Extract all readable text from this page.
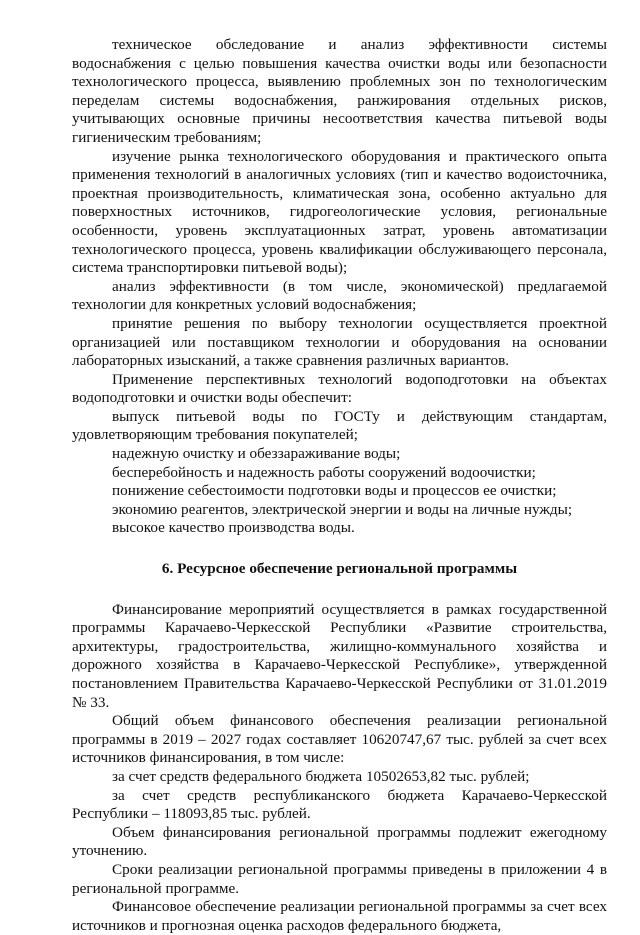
техническое обследование и анализ эффективности системы водоснабжения с целью повышения качества очистки воды или безопасности технологического процесса, выявлению проблемных зон по технологическим переделам системы водоснабжения, ранжирования отдельных рисков, учитывающих основные причины несоответствия качества питьевой воды гигиеническим требованиям;

изучение рынка технологического оборудования и практического опыта применения технологий в аналогичных условиях (тип и качество водоисточника, проектная производительность, климатическая зона, особенно актуально для поверхностных источников, гидрогеологические условия, региональные особенности, уровень эксплуатационных затрат, уровень автоматизации технологического процесса, уровень квалификации обслуживающего персонала, система транспортировки питьевой воды);

анализ эффективности (в том числе, экономической) предлагаемой технологии для конкретных условий водоснабжения;

принятие решения по выбору технологии осуществляется проектной организацией или поставщиком технологии и оборудования на основании лабораторных изысканий, а также сравнения различных вариантов.

Применение перспективных технологий водоподготовки на объектах водоподготовки и очистки воды обеспечит:

выпуск питьевой воды по ГОСТу и действующим стандартам, удовлетворяющим требования покупателей;

надежную очистку и обеззараживание воды;

бесперебойность и надежность работы сооружений водоочистки;

понижение себестоимости подготовки воды и процессов ее очистки;

экономию реагентов, электрической энергии и воды на личные нужды;

высокое качество производства воды.

6. Ресурсное обеспечение региональной программы

Финансирование мероприятий осуществляется в рамках государственной программы Карачаево-Черкесской Республики «Развитие строительства, архитектуры, градостроительства, жилищно-коммунального хозяйства и дорожного хозяйства в Карачаево-Черкесской Республике», утвержденной постановлением Правительства Карачаево-Черкесской Республики от 31.01.2019 № 33.

Общий объем финансового обеспечения реализации региональной программы в 2019 – 2027 годах составляет 10620747,67 тыс. рублей за счет всех источников финансирования, в том числе:

за счет средств федерального бюджета 10502653,82 тыс. рублей;

за счет средств республиканского бюджета Карачаево-Черкесской Республики – 118093,85 тыс. рублей.

Объем финансирования региональной программы подлежит ежегодному уточнению.

Сроки реализации региональной программы приведены в приложении 4 в региональной программе.

Финансовое обеспечение реализации региональной программы за счет всех источников и прогнозная оценка расходов федерального бюджета,
